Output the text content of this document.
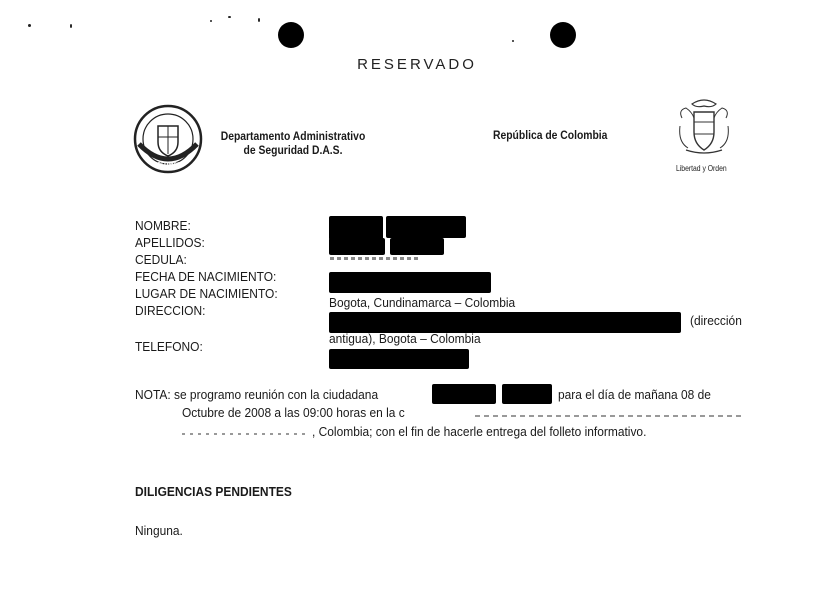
RESERVADO
COLOMBIA
Departamento Administrativo
de Seguridad D.A.S.
República de Colombia
Libertad y Orden
NOMBRE:
APELLIDOS:
CEDULA:
FECHA DE NACIMIENTO:
LUGAR DE NACIMIENTO:
DIRECCION:
TELEFONO:
Bogota, Cundinamarca – Colombia
(dirección
antigua), Bogota – Colombia
NOTA: se programo reunión con la ciudadana	para el día de mañana 08 de
Octubre de 2008 a las 09:00 horas en la c
, Colombia; con el fin de hacerle entrega del folleto informativo.
DILIGENCIAS PENDIENTES
Ninguna.
